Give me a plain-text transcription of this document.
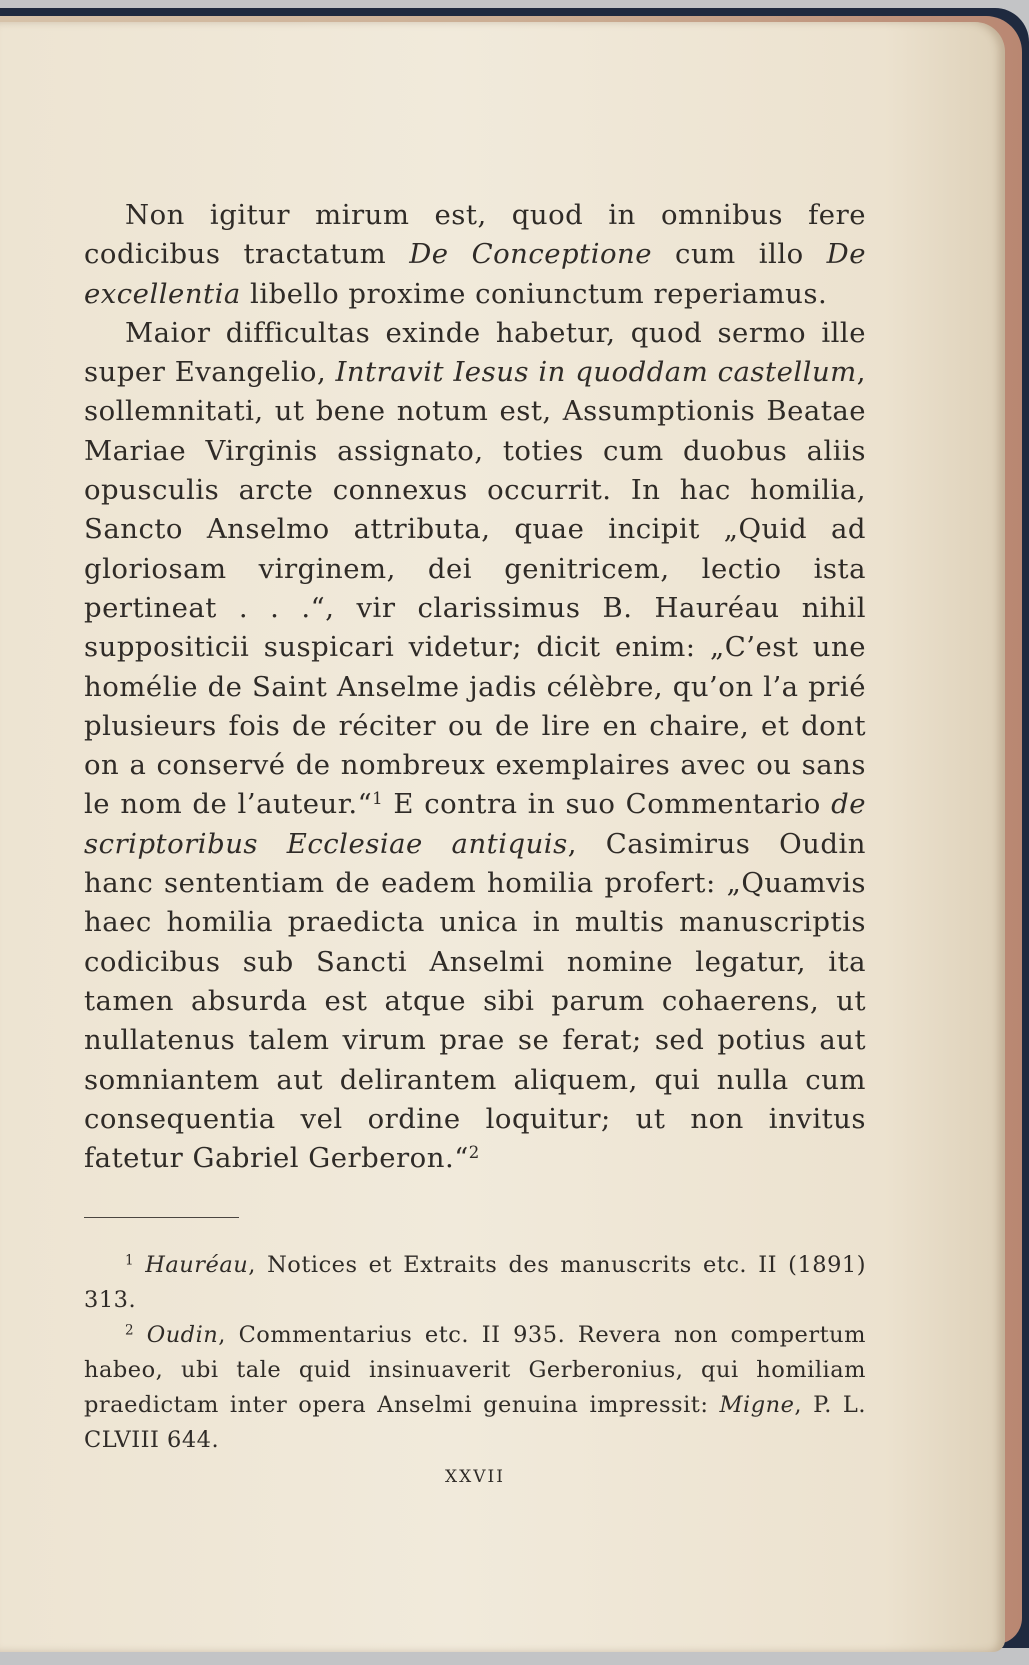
Non igitur mirum est, quod in omnibus fere codicibus tractatum De Conceptione cum illo De excellentia libello proxime coniunctum reperiamus.

Maior difficultas exinde habetur, quod sermo ille super Evangelio, Intravit Iesus in quoddam castellum, sollemnitati, ut bene notum est, Assumptionis Beatae Mariae Virginis assignato, toties cum duobus aliis opusculis arcte connexus occurrit. In hac homilia, Sancto Anselmo attributa, quae incipit „Quid ad gloriosam virginem, dei genitricem, lectio ista pertineat . . .“, vir clarissimus B. Hauréau nihil suppositicii suspicari videtur; dicit enim: „C’est une homélie de Saint Anselme jadis célèbre, qu’on l’a prié plusieurs fois de réciter ou de lire en chaire, et dont on a conservé de nombreux exemplaires avec ou sans le nom de l’auteur.“$^1$ E contra in suo Commentario de scriptoribus Ecclesiae antiquis, Casimirus Oudin hanc sententiam de eadem homilia profert: „Quamvis haec homilia praedicta unica in multis manuscriptis codicibus sub Sancti Anselmi nomine legatur, ita tamen absurda est atque sibi parum cohaerens, ut nullatenus talem virum prae se ferat; sed potius aut somniantem aut delirantem aliquem, qui nulla cum consequentia vel ordine loquitur; ut non invitus fatetur Gabriel Gerberon.“$^2$

$^1$ Hauréau, Notices et Extraits des manuscrits etc. II (1891) 313.

$^2$ Oudin, Commentarius etc. II 935. Revera non compertum habeo, ubi tale quid insinuaverit Gerberonius, qui homiliam praedictam inter opera Anselmi genuina impressit: Migne, P. L. CLVIII 644.

XXVII
